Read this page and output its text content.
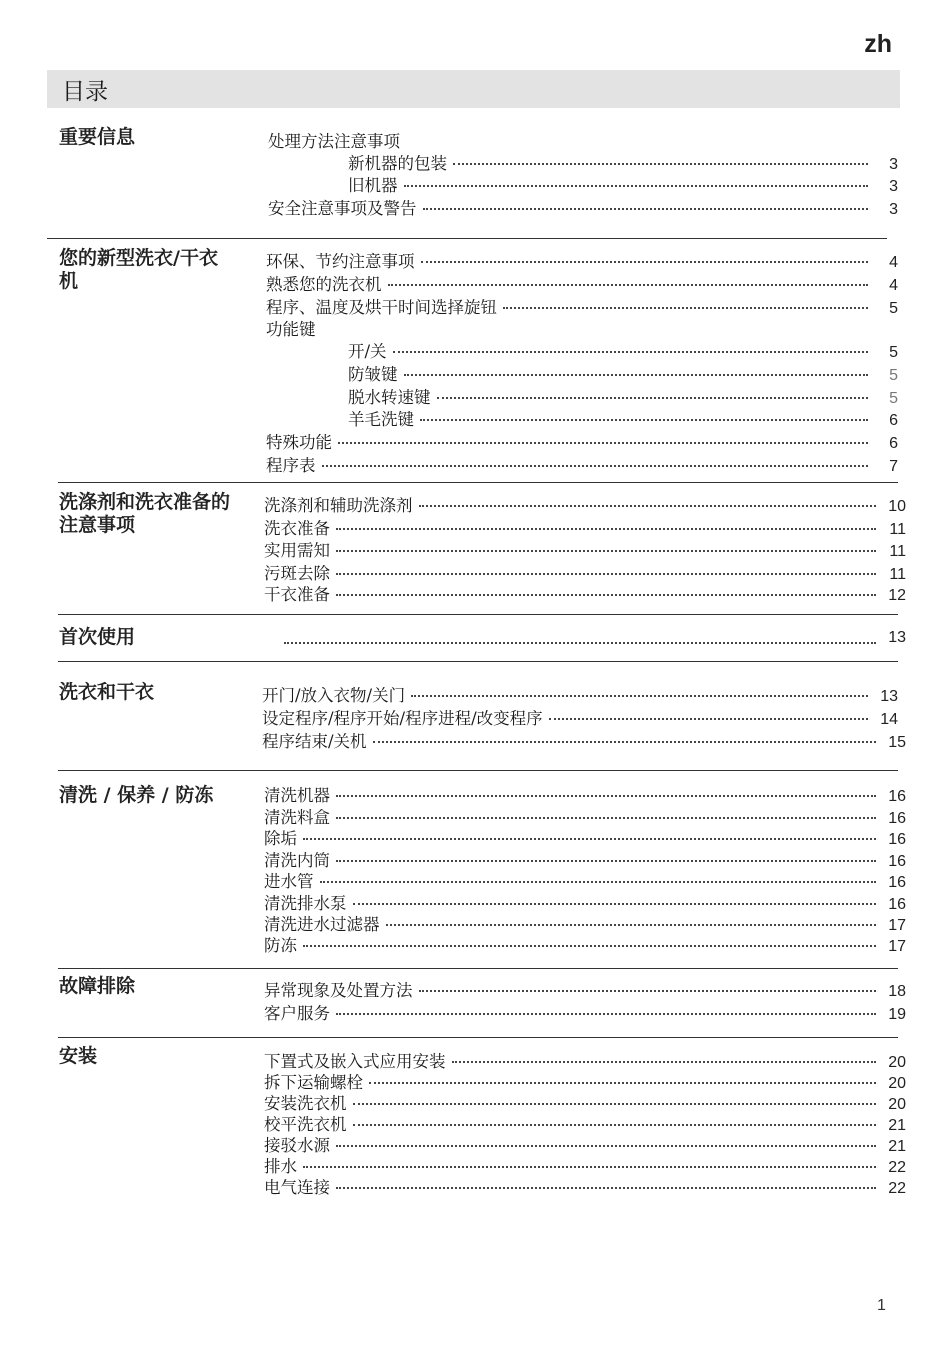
zh
目录
重要信息	处理方法注意事项
新机器的包装	3
旧机器	3
安全注意事项及警告	3
您的新型洗衣/干衣机
环保、节约注意事项	4
熟悉您的洗衣机	4
程序、温度及烘干时间选择旋钮	5
功能键
开/关	5
防皱键	5
脱水转速键	5
羊毛洗键	6
特殊功能	6
程序表	7
洗涤剂和洗衣准备的注意事项
洗涤剂和辅助洗涤剂	10
洗衣准备	11
实用需知	11
污斑去除	11
干衣准备	12
首次使用	13
洗衣和干衣	开门/放入衣物/关门	13
设定程序/程序开始/程序进程/改变程序	14
程序结束/关机	15
清洗 / 保养 / 防冻	清洗机器	16
清洗料盒	16
除垢	16
清洗内筒	16
进水管	16
清洗排水泵	16
清洗进水过滤器	17
防冻	17
故障排除	异常现象及处置方法	18
客户服务	19
安装	下置式及嵌入式应用安装	20
拆下运输螺栓	20
安装洗衣机	20
校平洗衣机	21
接驳水源	21
排水	22
电气连接	22
1
